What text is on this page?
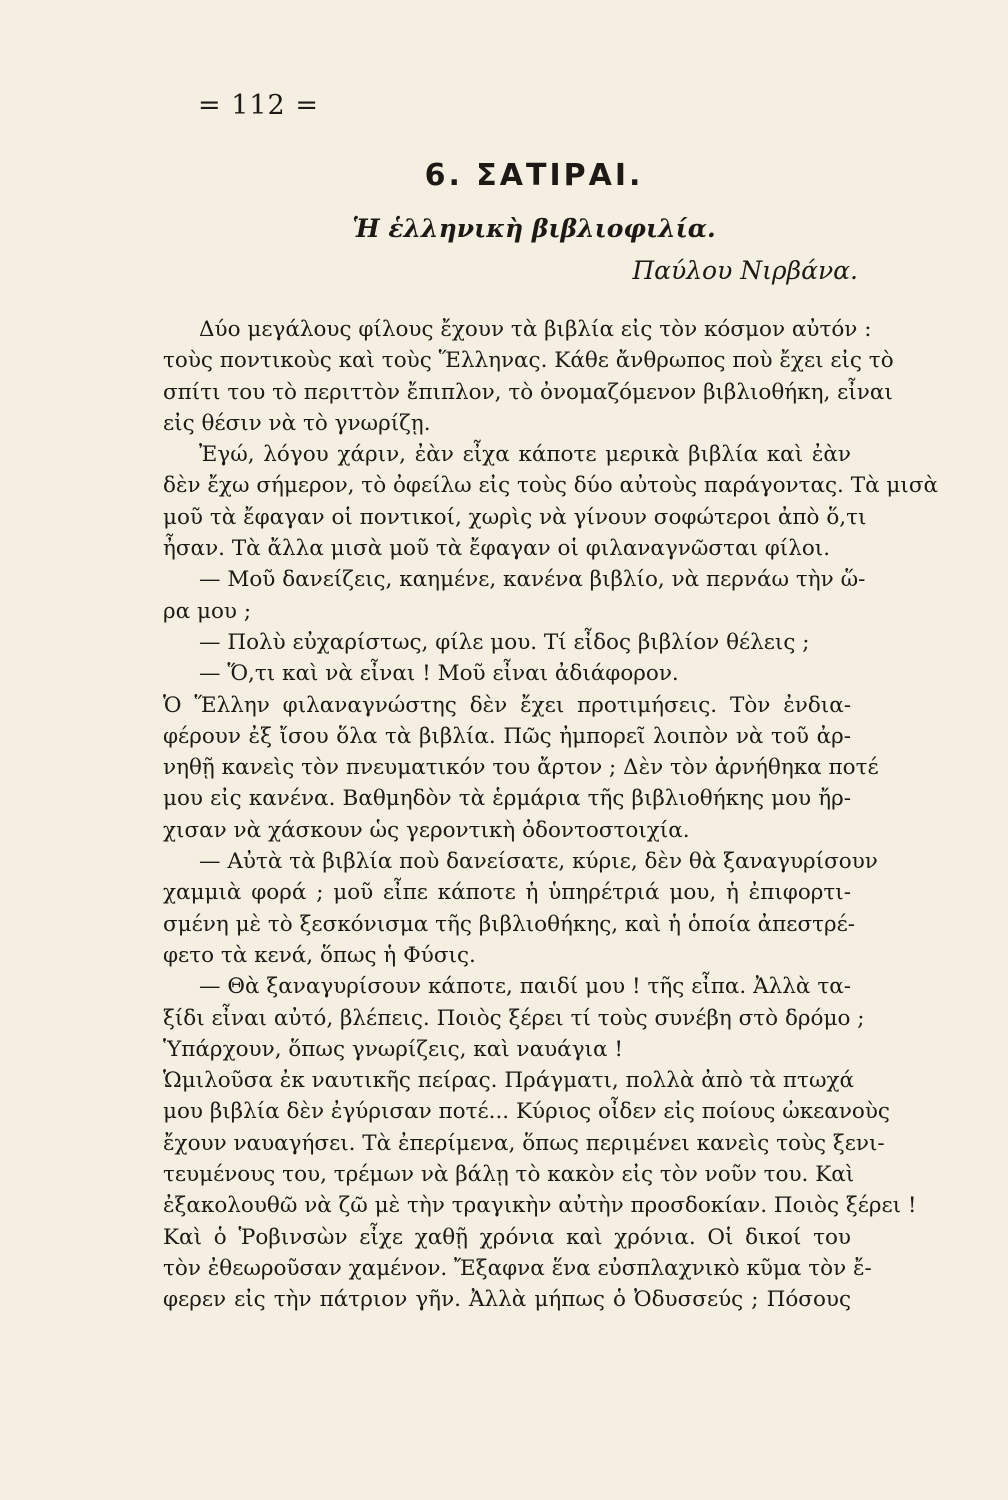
= 112 =
6. ΣΑΤΙΡΑΙ.
Ἡ ἑλληνικὴ βιβλιοφιλία.
Παύλου Νιρβάνα.
Δύο μεγάλους φίλους ἔχουν τὰ βιβλία εἰς τὸν κόσμον αὐτόν :
τοὺς ποντικοὺς καὶ τοὺς Ἕλληνας. Κάθε ἄνθρωπος ποὺ ἔχει εἰς τὸ
σπίτι του τὸ περιττὸν ἔπιπλον, τὸ ὀνομαζόμενον βιβλιοθήκη, εἶναι
εἰς θέσιν νὰ τὸ γνωρίζῃ.
Ἐγώ, λόγου χάριν, ἐὰν εἶχα κάποτε μερικὰ βιβλία καὶ ἐὰν
δὲν ἔχω σήμερον, τὸ ὀφείλω εἰς τοὺς δύο αὐτοὺς παράγοντας. Τὰ μισὰ
μοῦ τὰ ἔφαγαν οἱ ποντικοί, χωρὶς νὰ γίνουν σοφώτεροι ἀπὸ ὅ,τι
ἦσαν. Τὰ ἄλλα μισὰ μοῦ τὰ ἔφαγαν οἱ φιλαναγνῶσται φίλοι.
— Μοῦ δανείζεις, καημένε, κανένα βιβλίο, νὰ περνάω τὴν ὥ-
ρα μου ;
— Πολὺ εὐχαρίστως, φίλε μου. Τί εἶδος βιβλίον θέλεις ;
— Ὅ,τι καὶ νὰ εἶναι ! Μοῦ εἶναι ἀδιάφορον.
Ὁ Ἕλλην φιλαναγνώστης δὲν ἔχει προτιμήσεις. Τὸν ἐνδια-
φέρουν ἐξ ἴσου ὅλα τὰ βιβλία. Πῶς ἠμπορεῖ λοιπὸν νὰ τοῦ ἀρ-
νηθῇ κανεὶς τὸν πνευματικόν του ἄρτον ; Δὲν τὸν ἀρνήθηκα ποτέ
μου εἰς κανένα. Βαθμηδὸν τὰ ἑρμάρια τῆς βιβλιοθήκης μου ἤρ-
χισαν νὰ χάσκουν ὡς γεροντικὴ ὀδοντοστοιχία.
— Αὐτὰ τὰ βιβλία ποὺ δανείσατε, κύριε, δὲν θὰ ξαναγυρίσουν
χαμμιὰ φορά ; μοῦ εἶπε κάποτε ἡ ὑπηρέτριά μου, ἡ ἐπιφορτι-
σμένη μὲ τὸ ξεσκόνισμα τῆς βιβλιοθήκης, καὶ ἡ ὁποία ἀπεστρέ-
φετο τὰ κενά, ὅπως ἡ Φύσις.
— Θὰ ξαναγυρίσουν κάποτε, παιδί μου ! τῆς εἶπα. Ἀλλὰ τα-
ξίδι εἶναι αὐτό, βλέπεις. Ποιὸς ξέρει τί τοὺς συνέβη στὸ δρόμο ;
Ὑπάρχουν, ὅπως γνωρίζεις, καὶ ναυάγια !
Ὡμιλοῦσα ἐκ ναυτικῆς πείρας. Πράγματι, πολλὰ ἀπὸ τὰ πτωχά
μου βιβλία δὲν ἐγύρισαν ποτέ... Κύριος οἶδεν εἰς ποίους ὠκεανοὺς
ἔχουν ναυαγήσει. Τὰ ἐπερίμενα, ὅπως περιμένει κανεὶς τοὺς ξενι-
τευμένους του, τρέμων νὰ βάλῃ τὸ κακὸν εἰς τὸν νοῦν του. Καὶ
ἐξακολουθῶ νὰ ζῶ μὲ τὴν τραγικὴν αὐτὴν προσδοκίαν. Ποιὸς ξέρει !
Καὶ ὁ Ῥοβινσὼν εἶχε χαθῇ χρόνια καὶ χρόνια. Οἱ δικοί του
τὸν ἐθεωροῦσαν χαμένον. Ἔξαφνα ἕνα εὐσπλαχνικὸ κῦμα τὸν ἔ-
φερεν εἰς τὴν πάτριον γῆν. Ἀλλὰ μήπως ὁ Ὀδυσσεύς ; Πόσους
